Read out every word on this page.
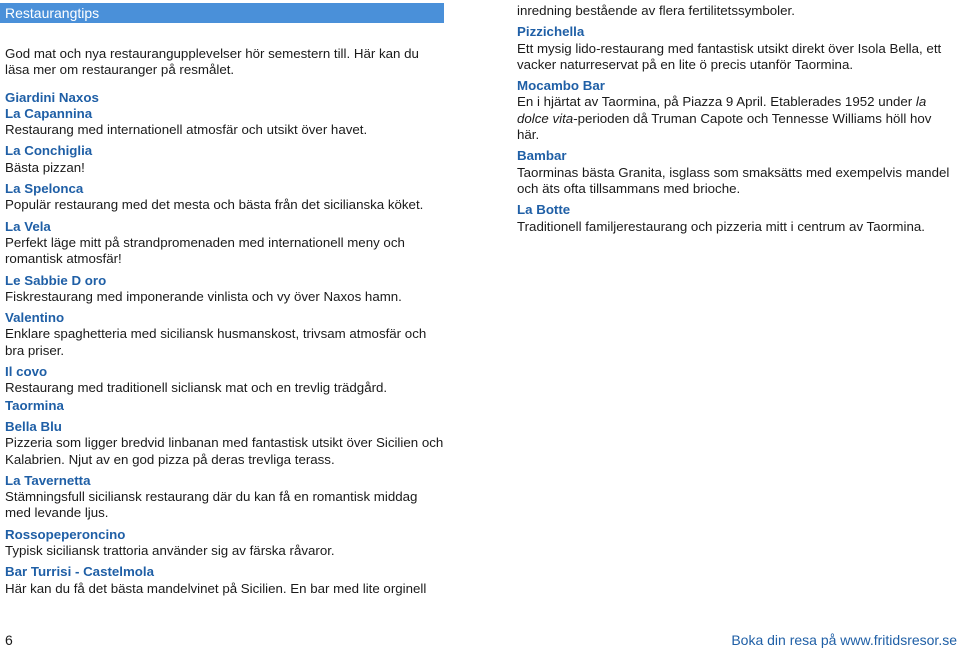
Restaurangtips
God mat och nya restaurangupplevelser hör semestern till. Här kan du läsa mer om restauranger på resmålet.
Giardini Naxos
La Capannina
Restaurang med internationell atmosfär och utsikt över havet.
La Conchiglia
Bästa pizzan!
La Spelonca
Populär restaurang med det mesta och bästa från det sicilianska köket.
La Vela
Perfekt läge mitt på strandpromenaden med internationell meny och romantisk atmosfär!
Le Sabbie D oro
Fiskrestaurang med imponerande vinlista och vy över Naxos hamn.
Valentino
Enklare spaghetteria med siciliansk husmanskost, trivsam atmosfär och bra priser.
Il covo
Restaurang med traditionell sicliansk mat och en trevlig trädgård.
Taormina
Bella Blu
Pizzeria som ligger bredvid linbanan med fantastisk utsikt över Sicilien och Kalabrien. Njut av en god pizza på deras trevliga terass.
La Tavernetta
Stämningsfull siciliansk restaurang där du kan få en romantisk middag med levande ljus.
Rossopeperoncino
Typisk siciliansk trattoria använder sig av färska råvaror.
Bar Turrisi - Castelmola
Här kan du få det bästa mandelvinet på Sicilien. En bar med lite orginell
inredning bestående av flera fertilitetssymboler.
Pizzichella
Ett mysig lido-restaurang med fantastisk utsikt direkt över Isola Bella, ett vacker naturreservat på en lite ö precis utanför Taormina.
Mocambo Bar
En i hjärtat av Taormina, på Piazza 9 April. Etablerades 1952 under la dolce vita-perioden då Truman Capote och Tennesse Williams höll hov här.
Bambar
Taorminas bästa Granita, isglass som smaksätts med exempelvis mandel och äts ofta tillsammans med brioche.
La Botte
Traditionell familjerestaurang och pizzeria mitt i centrum av Taormina.
6	Boka din resa på www.fritidsresor.se
